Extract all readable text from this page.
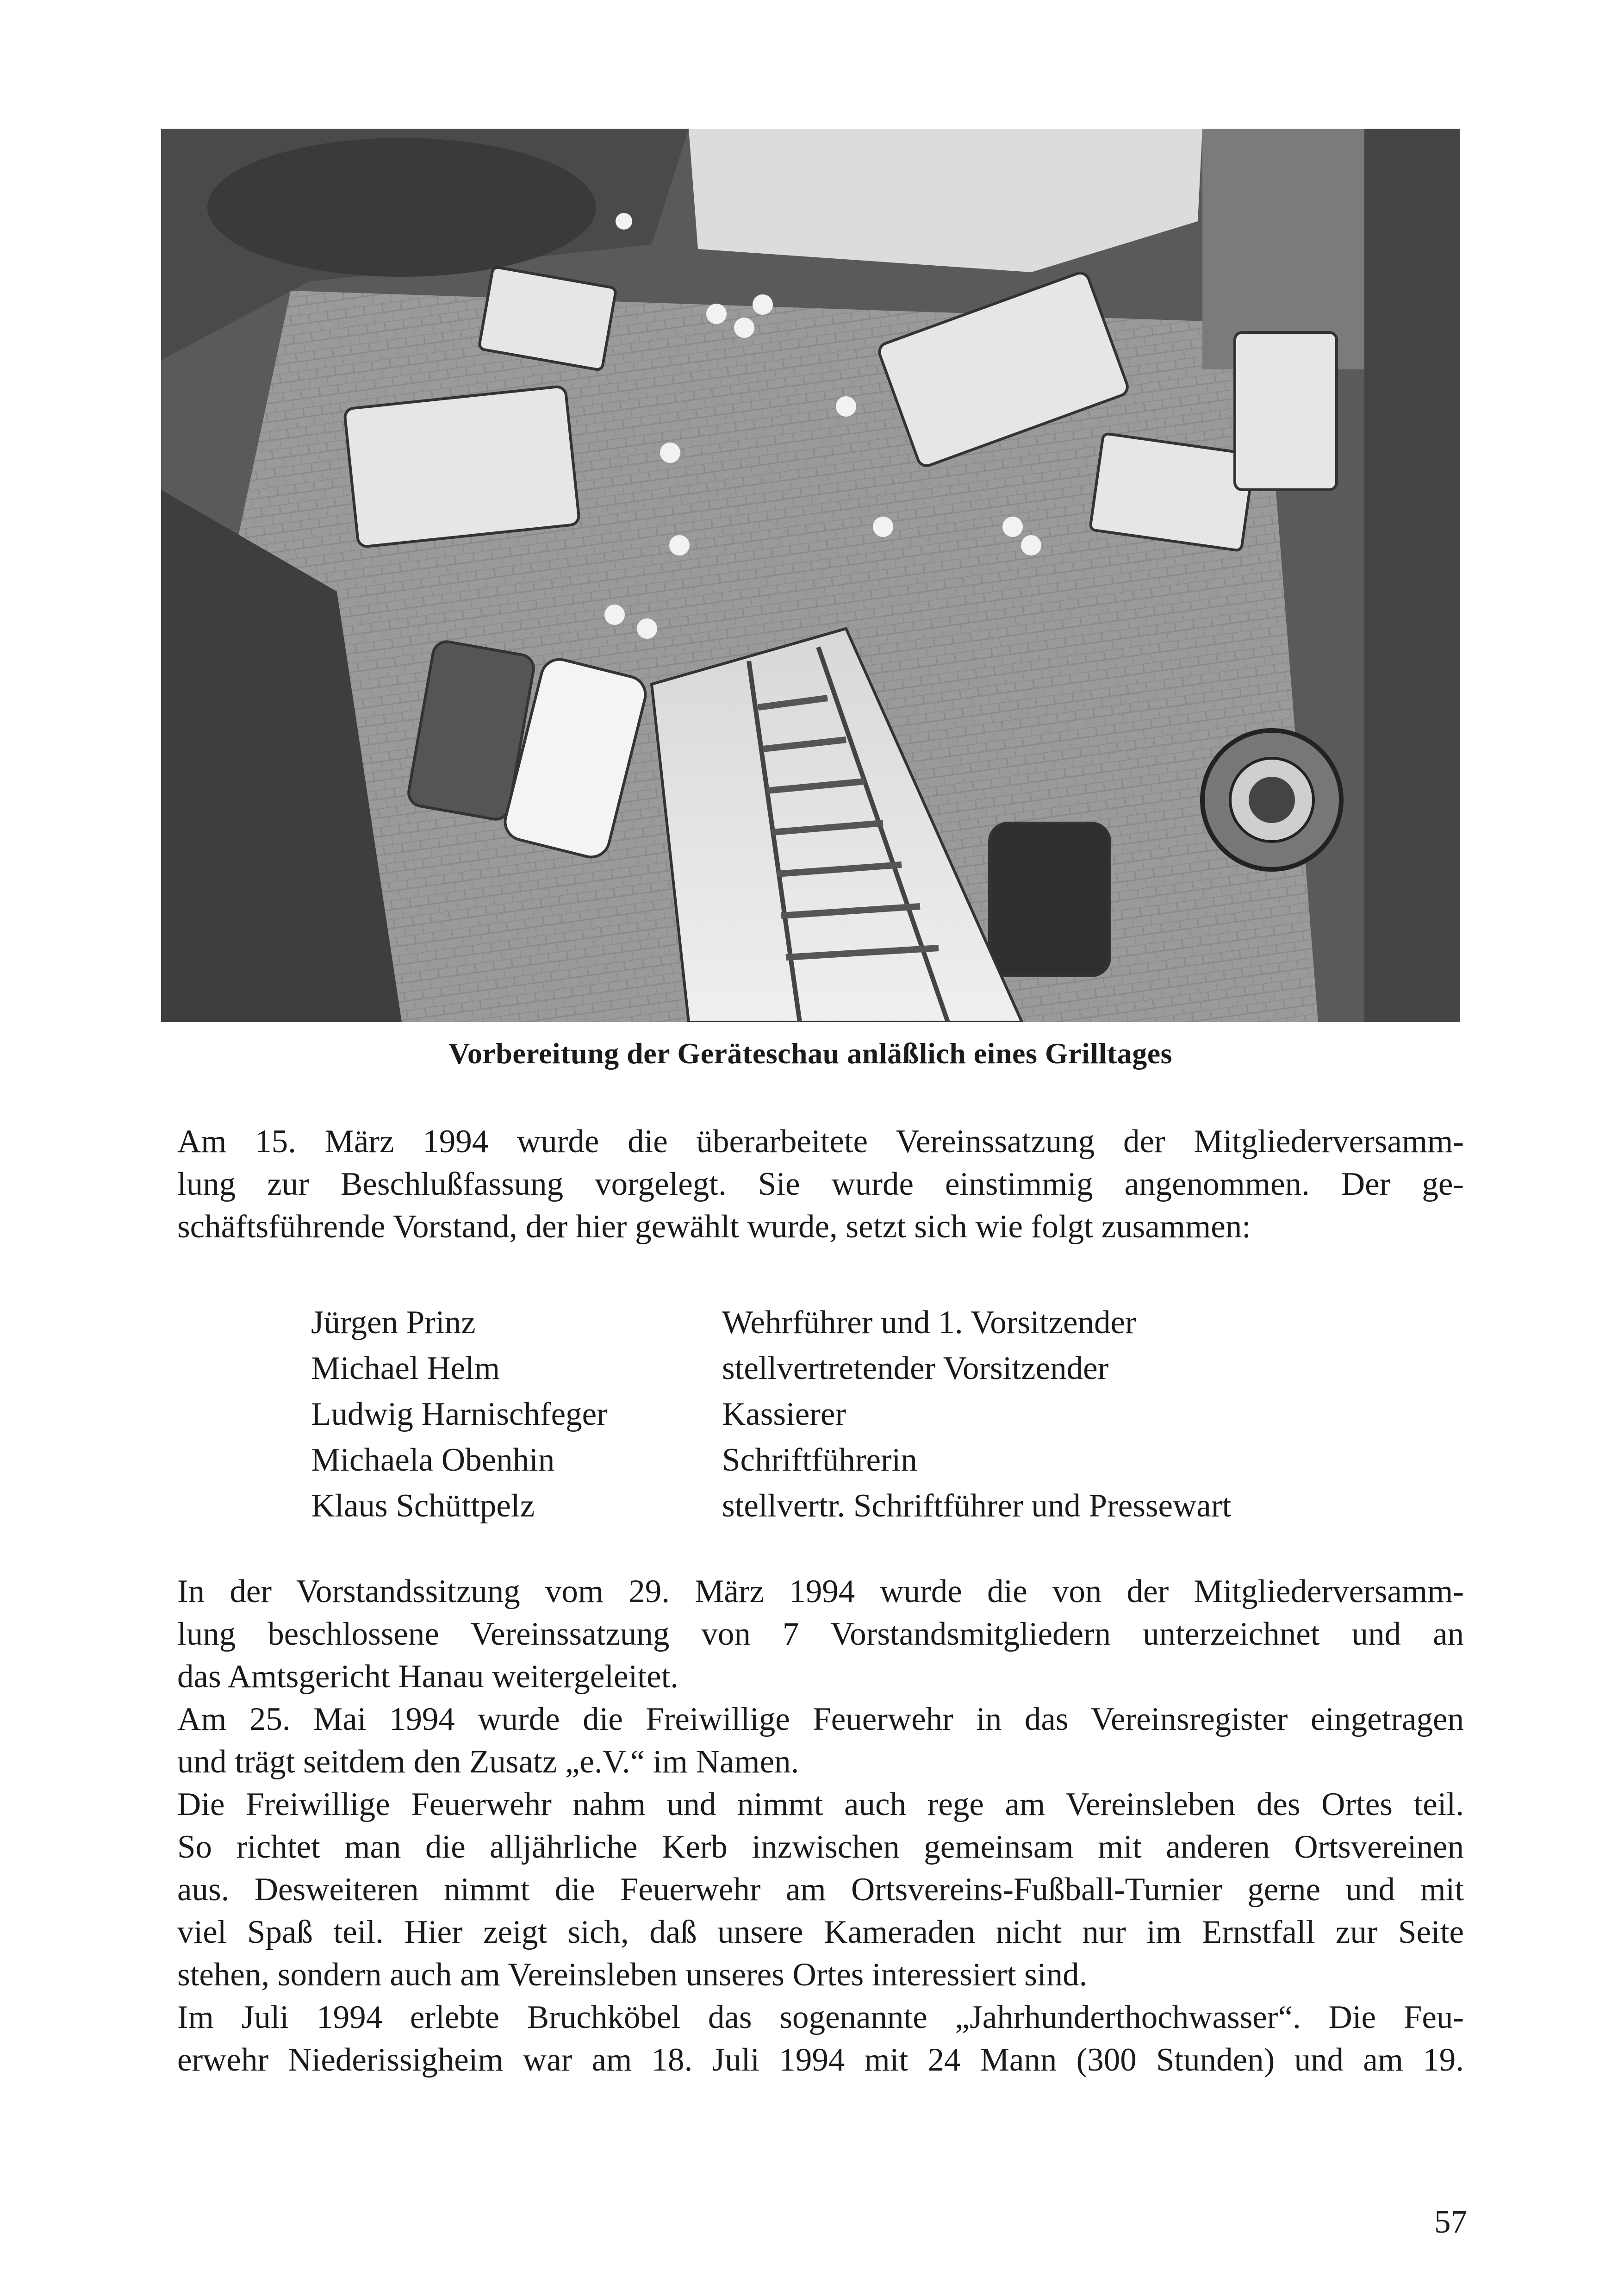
Vorbereitung der Geräteschau anläßlich eines Grilltages
Am 15. März 1994 wurde die überarbeitete Vereinssatzung der Mitgliederversamm-
lung zur Beschlußfassung vorgelegt. Sie wurde einstimmig angenommen. Der ge-
schäftsführende Vorstand, der hier gewählt wurde, setzt sich wie folgt zusammen:
Jürgen Prinz	Wehrführer und 1. Vorsitzender
Michael Helm	stellvertretender Vorsitzender
Ludwig Harnischfeger	Kassierer
Michaela Obenhin	Schriftführerin
Klaus Schüttpelz	stellvertr. Schriftführer und Pressewart
In der Vorstandssitzung vom 29. März 1994 wurde die von der Mitgliederversamm-
lung beschlossene Vereinssatzung von 7 Vorstandsmitgliedern unterzeichnet und an
das Amtsgericht Hanau weitergeleitet.
Am 25. Mai 1994 wurde die Freiwillige Feuerwehr in das Vereinsregister eingetragen
und trägt seitdem den Zusatz „e.V.“ im Namen.
Die Freiwillige Feuerwehr nahm und nimmt auch rege am Vereinsleben des Ortes teil.
So richtet man die alljährliche Kerb inzwischen gemeinsam mit anderen Ortsvereinen
aus. Desweiteren nimmt die Feuerwehr am Ortsvereins-Fußball-Turnier gerne und mit
viel Spaß teil. Hier zeigt sich, daß unsere Kameraden nicht nur im Ernstfall zur Seite
stehen, sondern auch am Vereinsleben unseres Ortes interessiert sind.
Im Juli 1994 erlebte Bruchköbel das sogenannte „Jahrhunderthochwasser“. Die Feu-
erwehr Niederissigheim war am 18. Juli 1994 mit 24 Mann (300 Stunden) und am 19.
57
